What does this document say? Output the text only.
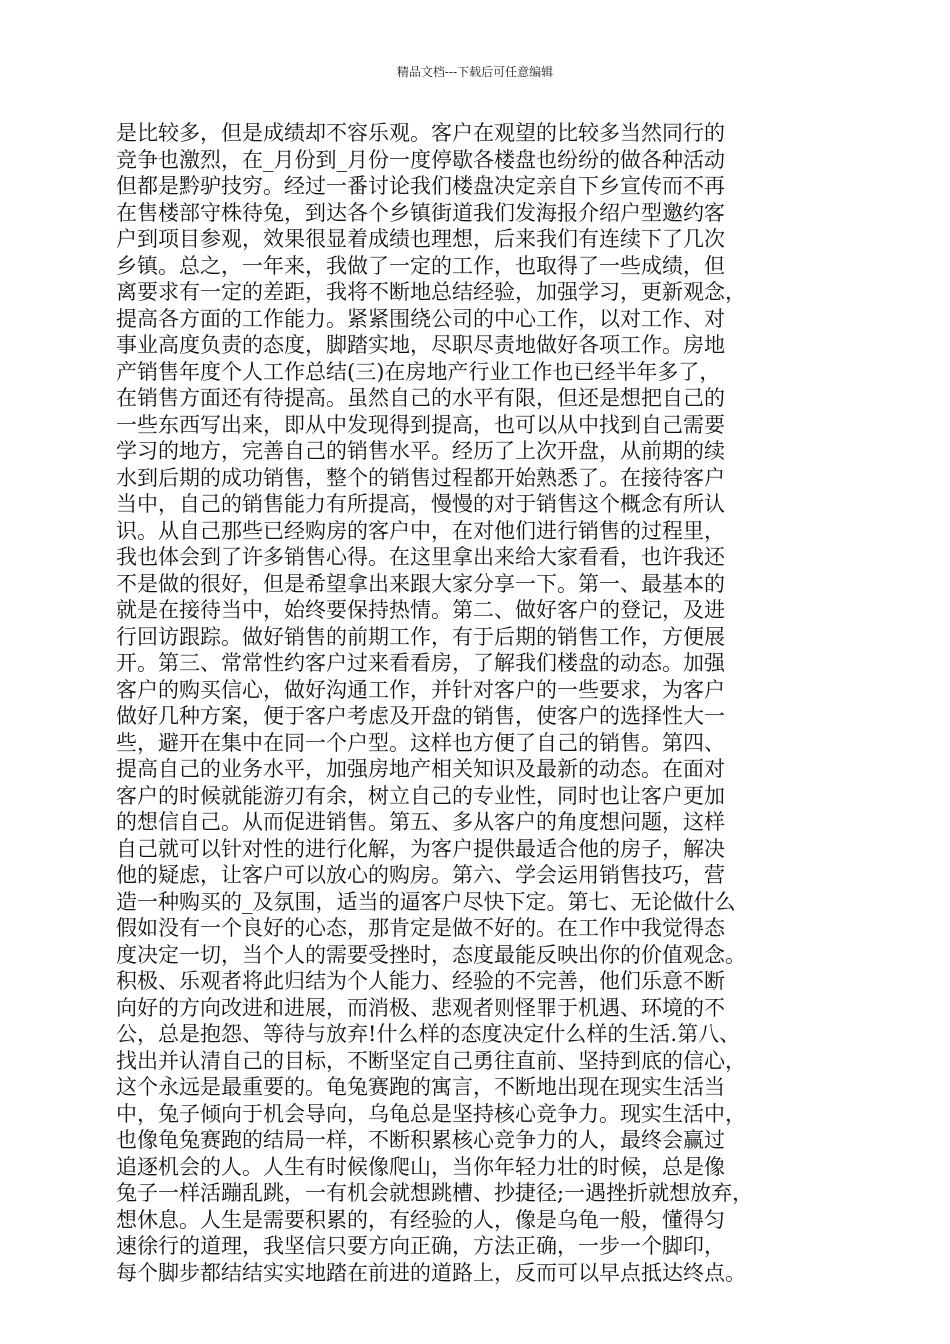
精品文档---下载后可任意编辑
是比较多，但是成绩却不容乐观。客户在观望的比较多当然同行的
竞争也激烈，在_月份到_月份一度停歇各楼盘也纷纷的做各种活动
但都是黔驴技穷。经过一番讨论我们楼盘决定亲自下乡宣传而不再
在售楼部守株待兔，到达各个乡镇街道我们发海报介绍户型邀约客
户到项目参观，效果很显着成绩也理想，后来我们有连续下了几次
乡镇。总之，一年来，我做了一定的工作，也取得了一些成绩，但
离要求有一定的差距，我将不断地总结经验，加强学习，更新观念，
提高各方面的工作能力。紧紧围绕公司的中心工作，以对工作、对
事业高度负责的态度，脚踏实地，尽职尽责地做好各项工作。房地
产销售年度个人工作总结(三)在房地产行业工作也已经半年多了，
在销售方面还有待提高。虽然自己的水平有限，但还是想把自己的
一些东西写出来，即从中发现得到提高，也可以从中找到自己需要
学习的地方，完善自己的销售水平。经历了上次开盘，从前期的续
水到后期的成功销售，整个的销售过程都开始熟悉了。在接待客户
当中，自己的销售能力有所提高，慢慢的对于销售这个概念有所认
识。从自己那些已经购房的客户中，在对他们进行销售的过程里，
我也体会到了许多销售心得。在这里拿出来给大家看看，也许我还
不是做的很好，但是希望拿出来跟大家分享一下。第一、最基本的
就是在接待当中，始终要保持热情。第二、做好客户的登记，及进
行回访跟踪。做好销售的前期工作，有于后期的销售工作，方便展
开。第三、常常性约客户过来看看房，了解我们楼盘的动态。加强
客户的购买信心，做好沟通工作，并针对客户的一些要求，为客户
做好几种方案，便于客户考虑及开盘的销售，使客户的选择性大一
些，避开在集中在同一个户型。这样也方便了自己的销售。第四、
提高自己的业务水平，加强房地产相关知识及最新的动态。在面对
客户的时候就能游刃有余，树立自己的专业性，同时也让客户更加
的想信自己。从而促进销售。第五、多从客户的角度想问题，这样
自己就可以针对性的进行化解，为客户提供最适合他的房子，解决
他的疑虑，让客户可以放心的购房。第六、学会运用销售技巧，营
造一种购买的_及氛围，适当的逼客户尽快下定。第七、无论做什么
假如没有一个良好的心态，那肯定是做不好的。在工作中我觉得态
度决定一切，当个人的需要受挫时，态度最能反映出你的价值观念。
积极、乐观者将此归结为个人能力、经验的不完善，他们乐意不断
向好的方向改进和进展，而消极、悲观者则怪罪于机遇、环境的不
公，总是抱怨、等待与放弃!什么样的态度决定什么样的生活.第八、
找出并认清自己的目标，不断坚定自己勇往直前、坚持到底的信心，
这个永远是最重要的。龟兔赛跑的寓言，不断地出现在现实生活当
中，兔子倾向于机会导向，乌龟总是坚持核心竞争力。现实生活中，
也像龟兔赛跑的结局一样，不断积累核心竞争力的人，最终会赢过
追逐机会的人。人生有时候像爬山，当你年轻力壮的时候，总是像
兔子一样活蹦乱跳，一有机会就想跳槽、抄捷径;一遇挫折就想放弃，
想休息。人生是需要积累的，有经验的人，像是乌龟一般，懂得匀
速徐行的道理，我坚信只要方向正确，方法正确，一步一个脚印，
每个脚步都结结实实地踏在前进的道路上，反而可以早点抵达终点。
